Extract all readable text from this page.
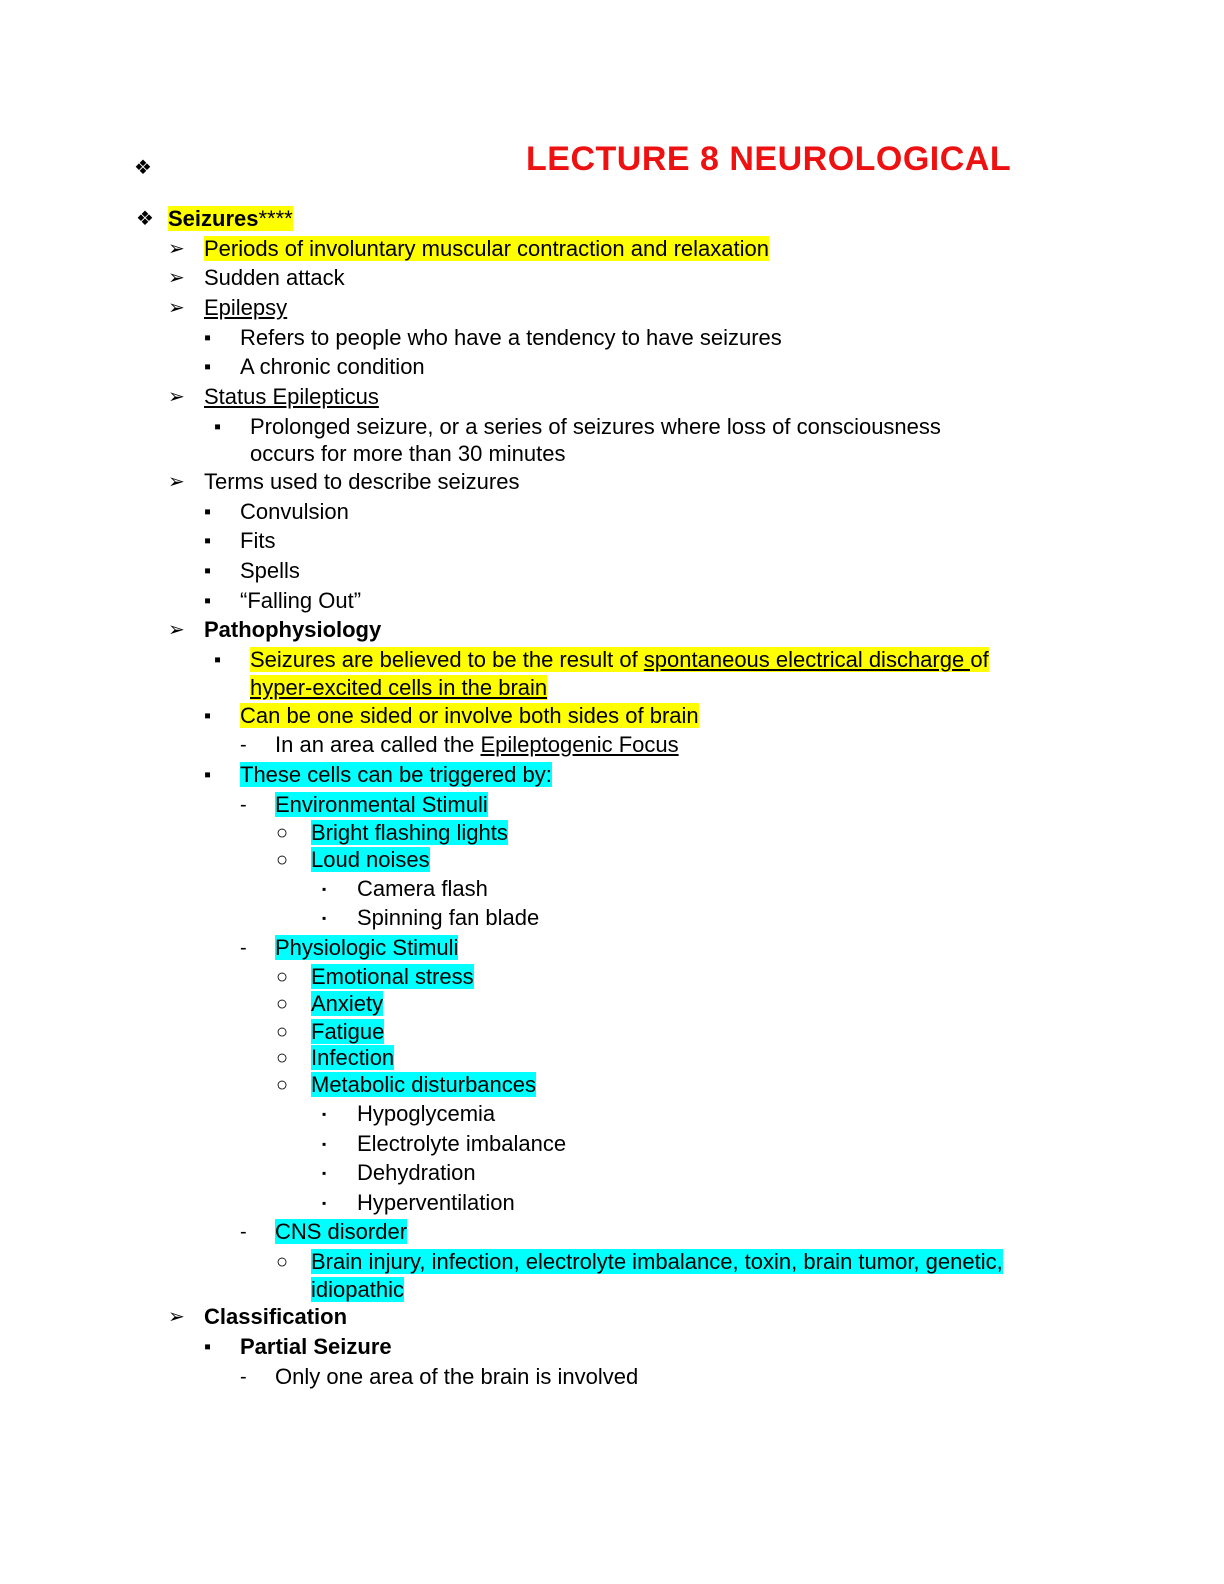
❖	LECTURE 8 NEUROLOGICAL
❖ Seizures****
➢ Periods of involuntary muscular contraction and relaxation
➢ Sudden attack
➢ Epilepsy
▪ Refers to people who have a tendency to have seizures
▪ A chronic condition
➢ Status Epilepticus
▪ Prolonged seizure, or a series of seizures where loss of consciousness
occurs for more than 30 minutes
➢ Terms used to describe seizures
▪ Convulsion
▪ Fits
▪ Spells
▪ “Falling Out”
➢ Pathophysiology
▪ Seizures are believed to be the result of spontaneous electrical discharge of
hyper-excited cells in the brain
▪ Can be one sided or involve both sides of brain
- In an area called the Epileptogenic Focus
▪ These cells can be triggered by:
- Environmental Stimuli
○ Bright flashing lights
○ Loud noises
▪ Camera flash
▪ Spinning fan blade
- Physiologic Stimuli
○ Emotional stress
○ Anxiety
○ Fatigue
○ Infection
○ Metabolic disturbances
▪ Hypoglycemia
▪ Electrolyte imbalance
▪ Dehydration
▪ Hyperventilation
- CNS disorder
○ Brain injury, infection, electrolyte imbalance, toxin, brain tumor, genetic,
idiopathic
➢ Classification
▪ Partial Seizure
- Only one area of the brain is involved
